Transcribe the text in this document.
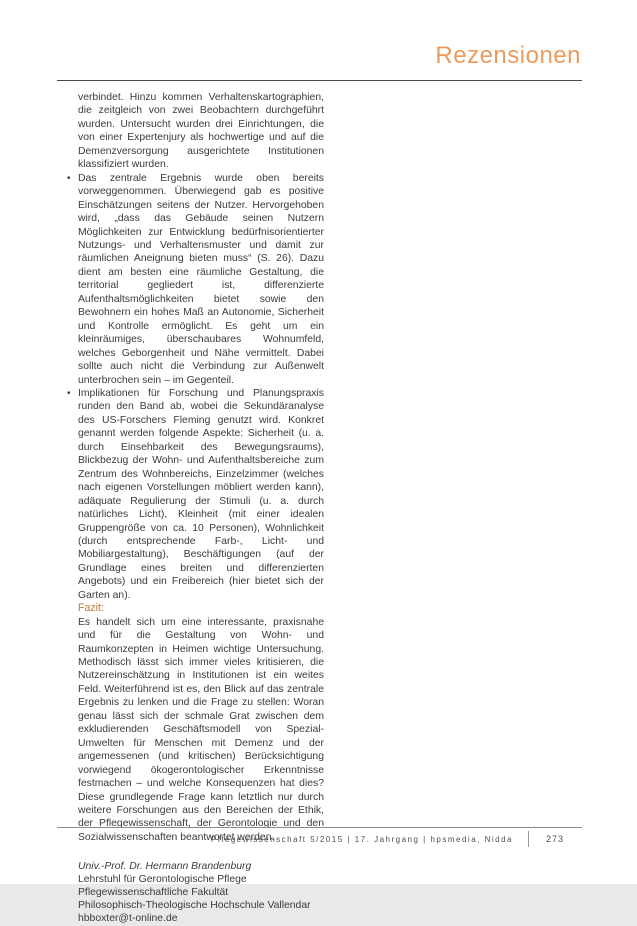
Rezensionen

verbindet. Hinzu kommen Verhaltenskartographien, die zeitgleich von zwei Beobachtern durchgeführt wurden. Untersucht wurden drei Einrichtungen, die von einer Expertenjury als hochwertige und auf die Demenzversorgung ausgerichtete Institutionen klassifiziert wurden.

• Das zentrale Ergebnis wurde oben bereits vorweggenommen. Überwiegend gab es positive Einschätzungen seitens der Nutzer. Hervorgehoben wird, „dass das Gebäude seinen Nutzern Möglichkeiten zur Entwicklung bedürfnisorientierter Nutzungs- und Verhaltensmuster und damit zur räumlichen Aneignung bieten muss“ (S. 26). Dazu dient am besten eine räumliche Gestaltung, die territorial gegliedert ist, differenzierte Aufenthaltsmöglichkeiten bietet sowie den Bewohnern ein hohes Maß an Autonomie, Sicherheit und Kontrolle ermöglicht. Es geht um ein kleinräumiges, überschaubares Wohnumfeld, welches Geborgenheit und Nähe vermittelt. Dabei sollte auch nicht die Verbindung zur Außenwelt unterbrochen sein – im Gegenteil.
• Implikationen für Forschung und Planungspraxis runden den Band ab, wobei die Sekundäranalyse des US-Forschers Fleming genutzt wird. Konkret genannt werden folgende Aspekte: Sicherheit (u. a. durch Einsehbarkeit des Bewegungsraums), Blickbezug der Wohn- und Aufenthaltsbereiche zum Zentrum des Wohnbereichs, Einzelzimmer (welches nach eigenen Vorstellungen möbliert werden kann), adäquate Regulierung der Stimuli (u. a. durch natürliches Licht), Kleinheit (mit einer idealen Gruppengröße von ca. 10 Personen), Wohnlichkeit (durch entsprechende Farb-, Licht- und Mobiliargestaltung), Beschäftigungen (auf der Grundlage eines breiten und differenzierten Angebots) und ein Freibereich (hier bietet sich der Garten an).

Fazit:

Es handelt sich um eine interessante, praxisnahe und für die Gestaltung von Wohn- und Raumkonzepten in Heimen wichtige Untersuchung. Methodisch lässt sich immer vieles kritisieren, die Nutzereinschätzung in Institutionen ist ein weites Feld. Weiterführend ist es, den Blick auf das zentrale Ergebnis zu lenken und die Frage zu stellen: Woran genau lässt sich der schmale Grat zwischen dem exkludierenden Geschäftsmodell von Spezial-Umwelten für Menschen mit Demenz und der angemessenen (und kritischen) Berücksichtigung vorwiegend ökogerontologischer Erkenntnisse festmachen – und welche Konsequenzen hat dies? Diese grundlegende Frage kann letztlich nur durch weitere Forschungen aus den Bereichen der Ethik, der Pflegewissenschaft, der Gerontologie und den Sozialwissenschaften beantwortet werden.

Univ.-Prof. Dr. Hermann Brandenburg
Lehrstuhl für Gerontologische Pflege
Pflegewissenschaftliche Fakultät
Philosophisch-Theologische Hochschule Vallendar
hbboxter@t-online.de
Pflegewissenschaft 5/2015 | 17. Jahrgang | hpsmedia, Nidda	273
